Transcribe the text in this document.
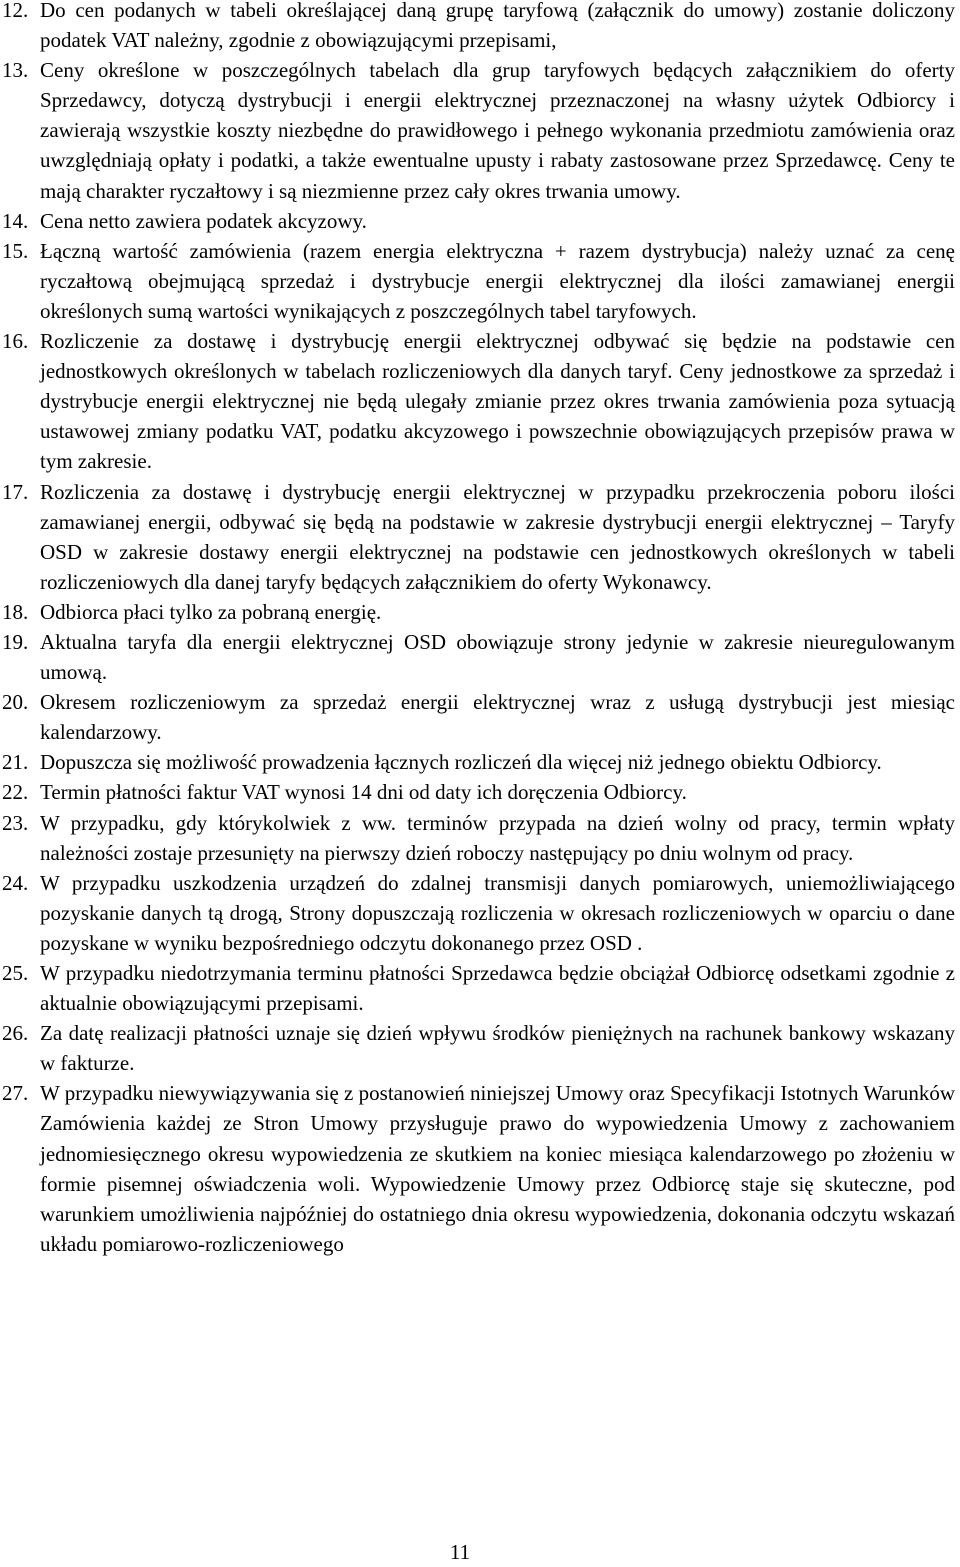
12. Do cen podanych w tabeli określającej daną grupę taryfową (załącznik do umowy) zostanie doliczony podatek VAT należny, zgodnie z obowiązującymi przepisami,
13. Ceny określone w poszczególnych tabelach dla grup taryfowych będących załącznikiem do oferty Sprzedawcy, dotyczą dystrybucji i energii elektrycznej przeznaczonej na własny użytek Odbiorcy i zawierają wszystkie koszty niezbędne do prawidłowego i pełnego wykonania przedmiotu zamówienia oraz uwzględniają opłaty i podatki, a także ewentualne upusty i rabaty zastosowane przez Sprzedawcę. Ceny te mają charakter ryczałtowy i są niezmienne przez cały okres trwania umowy.
14. Cena netto zawiera podatek akcyzowy.
15. Łączną wartość zamówienia (razem energia elektryczna + razem dystrybucja) należy uznać za cenę ryczałtową obejmującą sprzedaż i dystrybucje energii elektrycznej dla ilości zamawianej energii określonych sumą wartości wynikających z poszczególnych tabel taryfowych.
16. Rozliczenie za dostawę i dystrybucję energii elektrycznej odbywać się będzie na podstawie cen jednostkowych określonych w tabelach rozliczeniowych dla danych taryf. Ceny jednostkowe za sprzedaż i dystrybucje energii elektrycznej nie będą ulegały zmianie przez okres trwania zamówienia poza sytuacją ustawowej zmiany podatku VAT, podatku akcyzowego i powszechnie obowiązujących przepisów prawa w tym zakresie.
17. Rozliczenia za dostawę i dystrybucję energii elektrycznej w przypadku przekroczenia poboru ilości zamawianej energii, odbywać się będą na podstawie w zakresie dystrybucji energii elektrycznej – Taryfy OSD w zakresie dostawy energii elektrycznej na podstawie cen jednostkowych określonych w tabeli rozliczeniowych dla danej taryfy będących załącznikiem do oferty Wykonawcy.
18. Odbiorca płaci tylko za pobraną energię.
19. Aktualna taryfa dla energii elektrycznej OSD obowiązuje strony jedynie w zakresie nieuregulowanym umową.
20. Okresem rozliczeniowym za sprzedaż energii elektrycznej wraz z usługą dystrybucji jest miesiąc kalendarzowy.
21. Dopuszcza się możliwość prowadzenia łącznych rozliczeń dla więcej niż jednego obiektu Odbiorcy.
22. Termin płatności faktur VAT wynosi 14 dni od daty ich doręczenia Odbiorcy.
23. W przypadku, gdy którykolwiek z ww. terminów przypada na dzień wolny od pracy, termin wpłaty należności zostaje przesunięty na pierwszy dzień roboczy następujący po dniu wolnym od pracy.
24. W przypadku uszkodzenia urządzeń do zdalnej transmisji danych pomiarowych, uniemożliwiającego pozyskanie danych tą drogą, Strony dopuszczają rozliczenia w okresach rozliczeniowych w oparciu o dane pozyskane w wyniku bezpośredniego odczytu dokonanego przez OSD .
25. W przypadku niedotrzymania terminu płatności Sprzedawca będzie obciążał Odbiorcę odsetkami zgodnie z aktualnie obowiązującymi przepisami.
26. Za datę realizacji płatności uznaje się dzień wpływu środków pieniężnych na rachunek bankowy wskazany w fakturze.
27. W przypadku niewywiązywania się z postanowień niniejszej Umowy oraz Specyfikacji Istotnych Warunków Zamówienia każdej ze Stron Umowy przysługuje prawo do wypowiedzenia Umowy z zachowaniem jednomiesięcznego okresu wypowiedzenia ze skutkiem na koniec miesiąca kalendarzowego po złożeniu w formie pisemnej oświadczenia woli. Wypowiedzenie Umowy przez Odbiorcę staje się skuteczne, pod warunkiem umożliwienia najpóźniej do ostatniego dnia okresu wypowiedzenia, dokonania odczytu wskazań układu pomiarowo-rozliczeniowego
11
